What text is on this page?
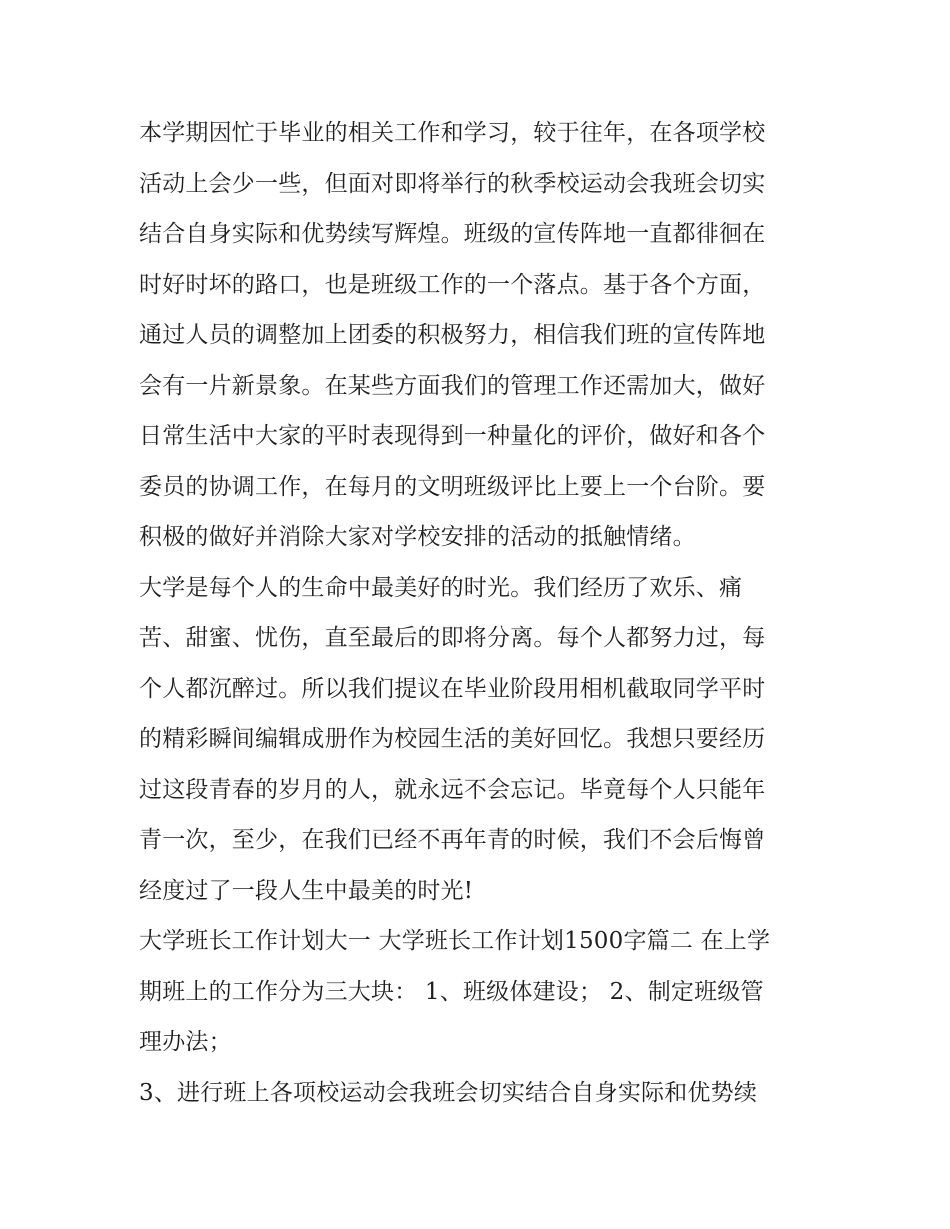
本学期因忙于毕业的相关工作和学习，较于往年，在各项学校
活动上会少一些，但面对即将举行的秋季校运动会我班会切实
结合自身实际和优势续写辉煌。班级的宣传阵地一直都徘徊在
时好时坏的路口，也是班级工作的一个落点。基于各个方面，
通过人员的调整加上团委的积极努力，相信我们班的宣传阵地
会有一片新景象。在某些方面我们的管理工作还需加大，做好
日常生活中大家的平时表现得到一种量化的评价，做好和各个
委员的协调工作，在每月的文明班级评比上要上一个台阶。要
积极的做好并消除大家对学校安排的活动的抵触情绪。
大学是每个人的生命中最美好的时光。我们经历了欢乐、痛
苦、甜蜜、忧伤，直至最后的即将分离。每个人都努力过，每
个人都沉醉过。所以我们提议在毕业阶段用相机截取同学平时
的精彩瞬间编辑成册作为校园生活的美好回忆。我想只要经历
过这段青春的岁月的人，就永远不会忘记。毕竟每个人只能年
青一次，至少，在我们已经不再年青的时候，我们不会后悔曾
经度过了一段人生中最美的时光!
大学班长工作计划大一 大学班长工作计划1500字篇二 在上学
期班上的工作分为三大块： 1、班级体建设； 2、制定班级管
理办法；
3、进行班上各项校运动会我班会切实结合自身实际和优势续
